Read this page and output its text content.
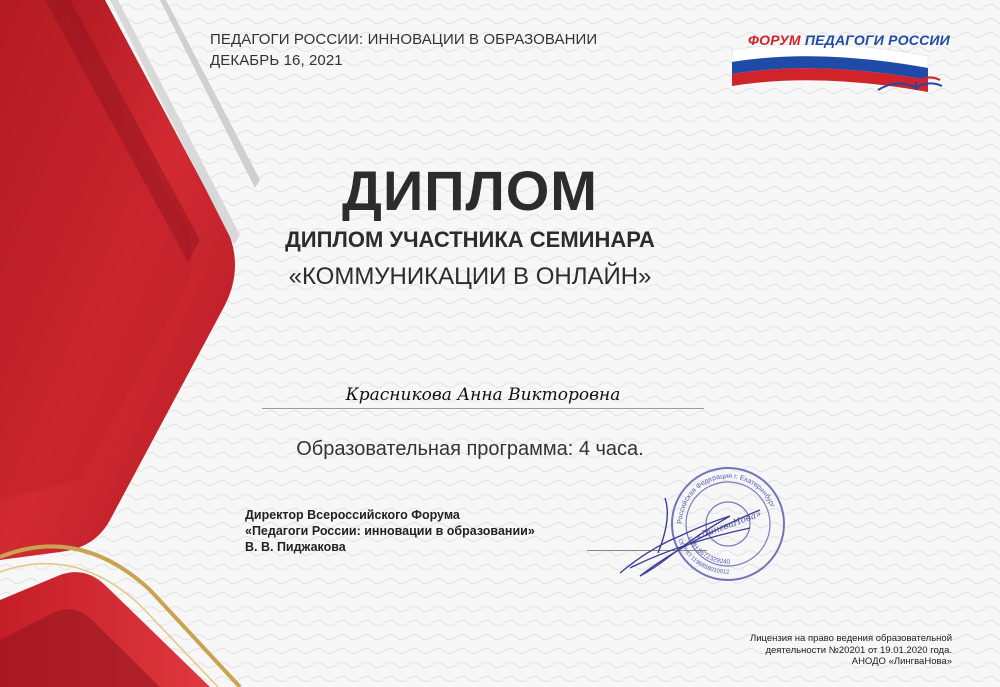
ПЕДАГОГИ РОССИИ: ИННОВАЦИИ В ОБРАЗОВАНИИ
ДЕКАБРЬ 16, 2021
ФОРУМ ПЕДАГОГИ РОССИИ
ДИПЛОМ
ДИПЛОМ УЧАСТНИКА СЕМИНАРА
«КОММУНИКАЦИИ В ОНЛАЙН»
Красникова Анна Викторовна
Образовательная программа: 4 часа.
Директор Всероссийского Форума
«Педагоги России: инновации в образовании»
В. В. Пиджакова
«ЛингваНова»
Российская Федерация г. Екатеринбург
ИНН 6672329240
ОГРНП 1196658010012
Лицензия на право ведения образовательной
деятельности №20201 от 19.01.2020 года.
АНОДО «ЛингваНова»
